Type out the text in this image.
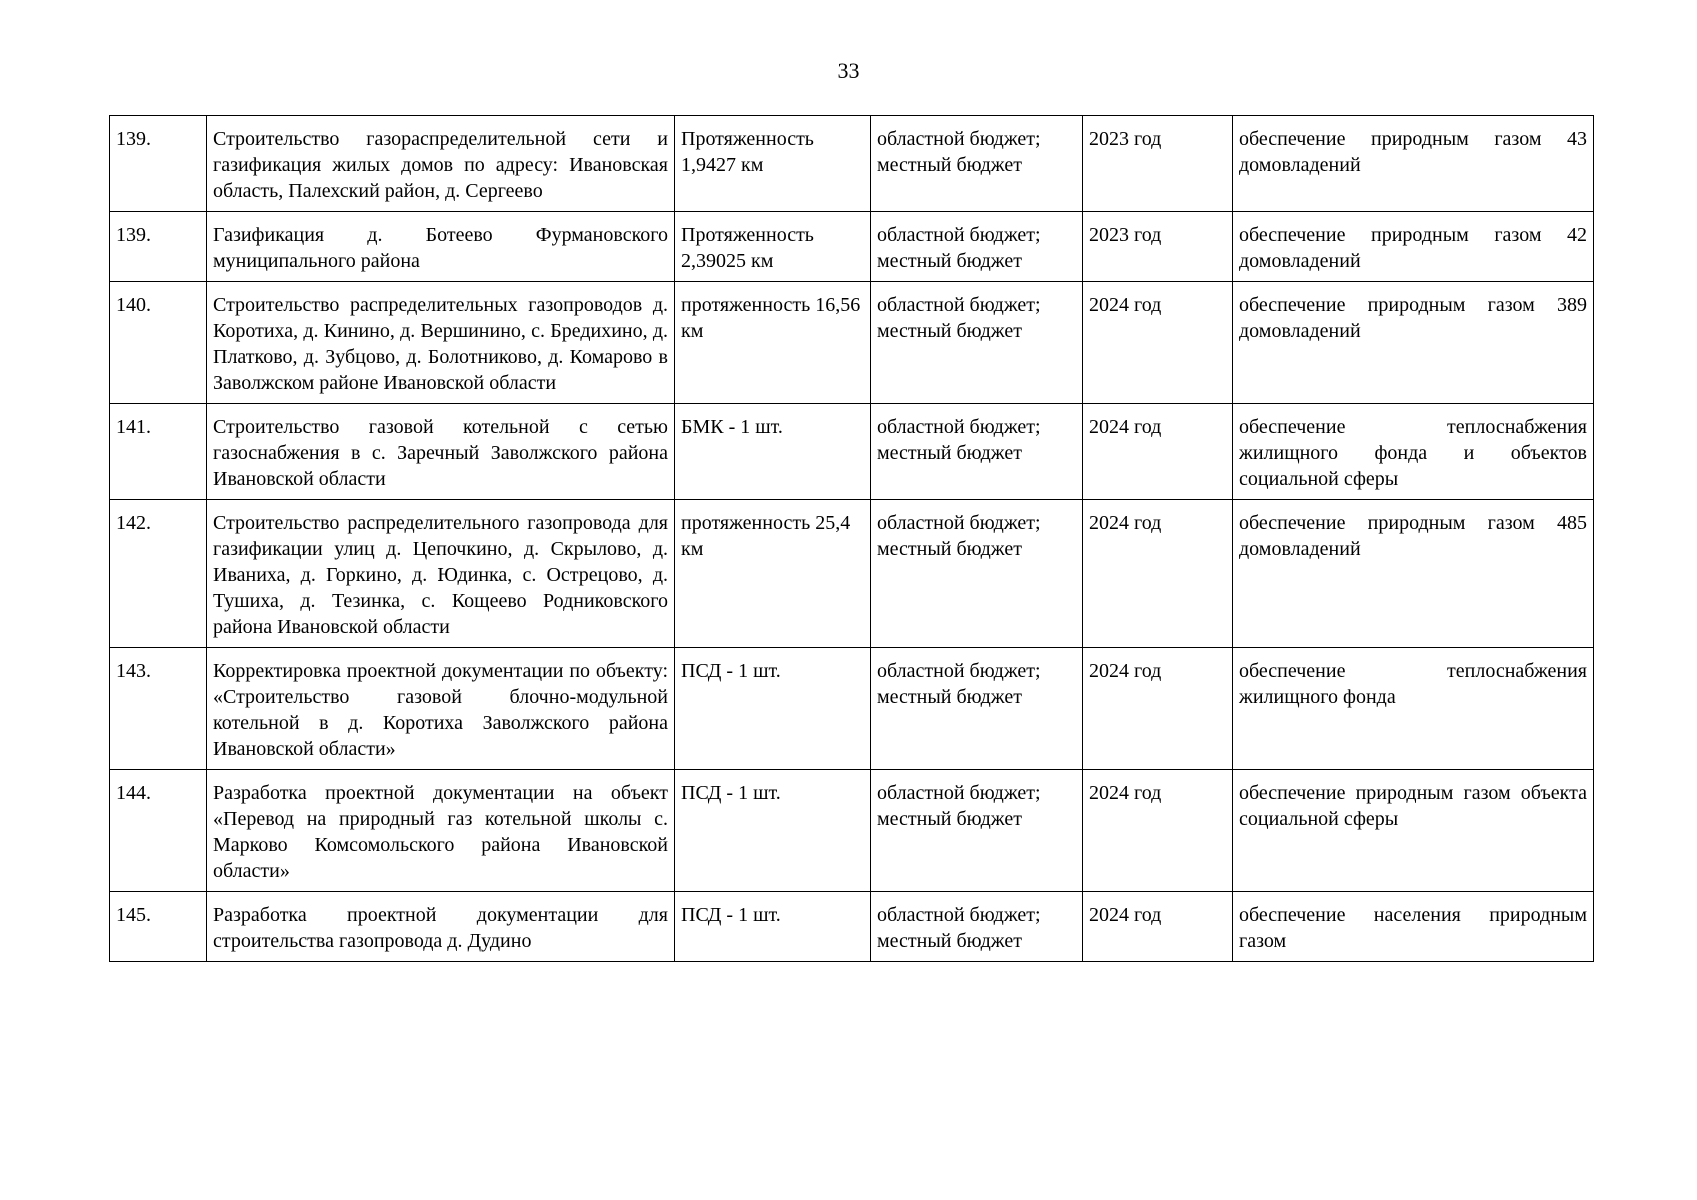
33
139.	Строительство газораспределительной сети и газификация жилых домов по адресу: Ивановская область, Палехский район, д. Сергеево	Протяженность 1,9427 км	областной бюджет; местный бюджет	2023 год	обеспечение природным газом 43 домовладений

139.	Газификация д. Ботеево Фурмановского муниципального района	Протяженность 2,39025 км	областной бюджет; местный бюджет	2023 год	обеспечение природным газом 42 домовладений

140.	Строительство распределительных газопроводов д. Коротиха, д. Кинино, д. Вершинино, с. Бредихино, д. Платково, д. Зубцово, д. Болотниково, д. Комарово в Заволжском районе Ивановской области	протяженность 16,56 км	областной бюджет; местный бюджет	2024 год	обеспечение природным газом 389 домовладений

141.	Строительство газовой котельной с сетью газоснабжения в с. Заречный Заволжского района Ивановской области	БМК - 1 шт.	областной бюджет; местный бюджет	2024 год	обеспечение теплоснабжения жилищного фонда и объектов социальной сферы

142.	Строительство распределительного газопровода для газификации улиц д. Цепочкино, д. Скрылово, д. Иваниха, д. Горкино, д. Юдинка, с. Острецово, д. Тушиха, д. Тезинка, с. Кощеево Родниковского района Ивановской области	протяженность 25,4 км	областной бюджет; местный бюджет	2024 год	обеспечение природным газом 485 домовладений

143.	Корректировка проектной документации по объекту: «Строительство газовой блочно-модульной котельной в д. Коротиха Заволжского района Ивановской области»	ПСД - 1 шт.	областной бюджет; местный бюджет	2024 год	обеспечение теплоснабжения жилищного фонда

144.	Разработка проектной документации на объект «Перевод на природный газ котельной школы с. Марково Комсомольского района Ивановской области»	ПСД - 1 шт.	областной бюджет; местный бюджет	2024 год	обеспечение природным газом объекта социальной сферы

145.	Разработка проектной документации для строительства газопровода д. Дудино	ПСД - 1 шт.	областной бюджет; местный бюджет	2024 год	обеспечение населения природным газом
